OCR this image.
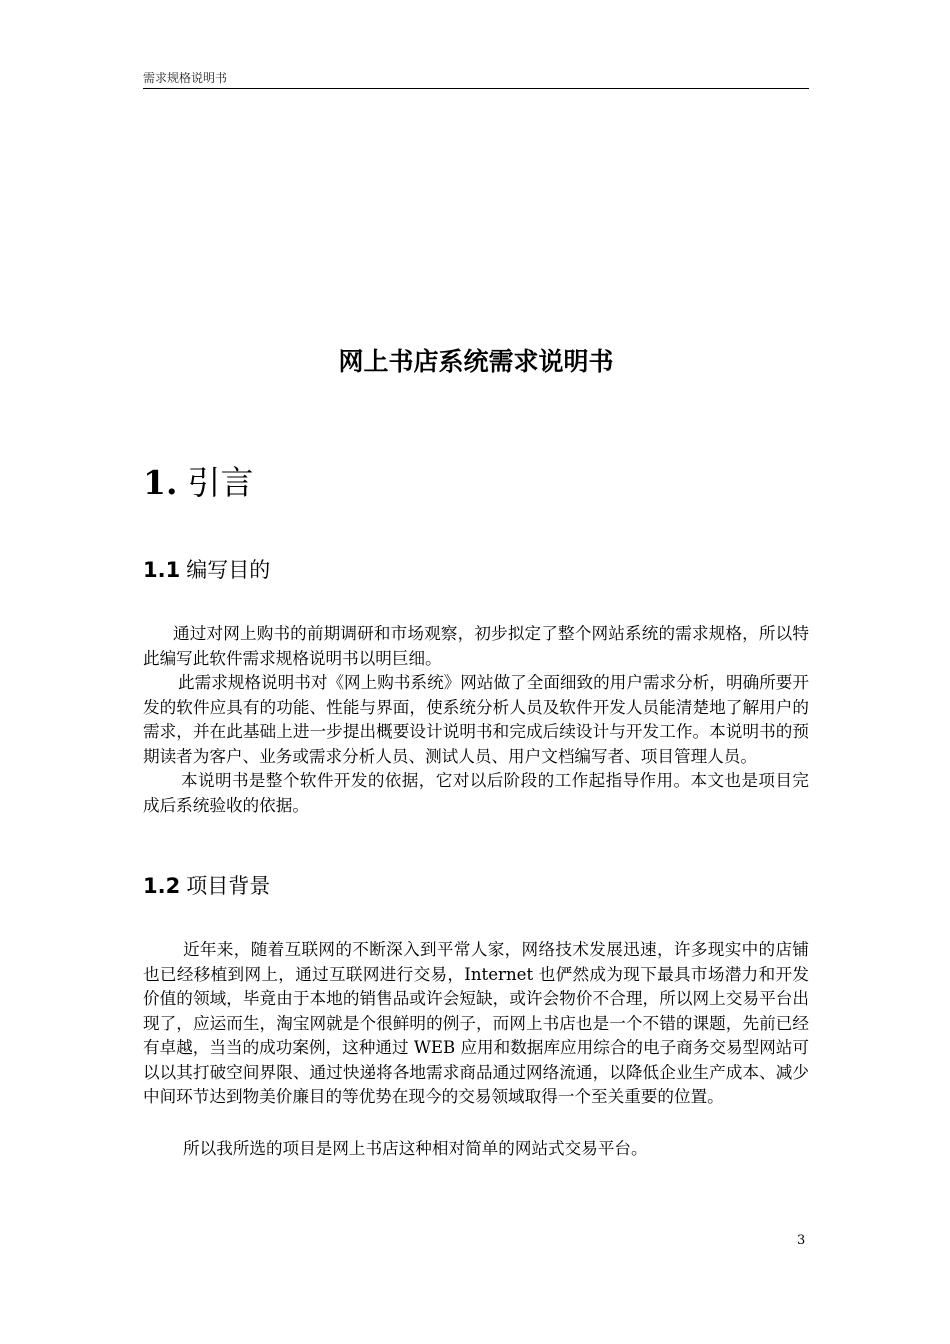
需求规格说明书
网上书店系统需求说明书
1. 引言
1.1 编写目的

通过对网上购书的前期调研和市场观察，初步拟定了整个网站系统的需求规格，所以特此编写此软件需求规格说明书以明巨细。

此需求规格说明书对《网上购书系统》网站做了全面细致的用户需求分析，明确所要开发的软件应具有的功能、性能与界面，使系统分析人员及软件开发人员能清楚地了解用户的需求，并在此基础上进一步提出概要设计说明书和完成后续设计与开发工作。本说明书的预期读者为客户、业务或需求分析人员、测试人员、用户文档编写者、项目管理人员。

本说明书是整个软件开发的依据，它对以后阶段的工作起指导作用。本文也是项目完成后系统验收的依据。

1.2 项目背景

近年来，随着互联网的不断深入到平常人家，网络技术发展迅速，许多现实中的店铺也已经移植到网上，通过互联网进行交易，Internet 也俨然成为现下最具市场潜力和开发价值的领域，毕竟由于本地的销售品或许会短缺，或许会物价不合理，所以网上交易平台出现了，应运而生，淘宝网就是个很鲜明的例子，而网上书店也是一个不错的课题，先前已经有卓越，当当的成功案例，这种通过 WEB 应用和数据库应用综合的电子商务交易型网站可以以其打破空间界限、通过快递将各地需求商品通过网络流通，以降低企业生产成本、减少中间环节达到物美价廉目的等优势在现今的交易领域取得一个至关重要的位置。

所以我所选的项目是网上书店这种相对简单的网站式交易平台。

3
